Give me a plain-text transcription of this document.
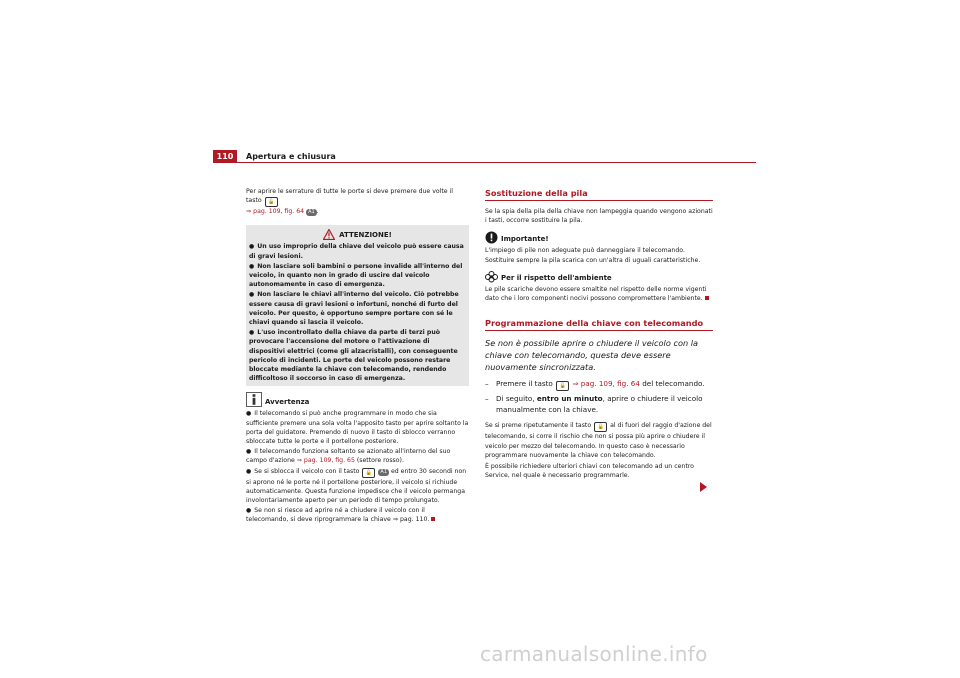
110	Apertura e chiusura

Per aprire le serrature di tutte le porte si deve premere due volte il tasto 🔓
⇒ pag. 109, fig. 64 A1 .

ATTENZIONE!

● Un uso improprio della chiave del veicolo può essere causa di gravi lesioni.

● Non lasciare soli bambini o persone invalide all'interno del veicolo, in quanto non in grado di uscire dal veicolo autonomamente in caso di emergenza.

● Non lasciare le chiavi all'interno del veicolo. Ciò potrebbe essere causa di gravi lesioni o infortuni, nonché di furto del veicolo. Per questo, è opportuno sempre portare con sé le chiavi quando si lascia il veicolo.

● L'uso incontrollato della chiave da parte di terzi può provocare l'accensione del motore o l'attivazione di dispositivi elettrici (come gli alzacristalli), con conseguente pericolo di incidenti. Le porte del veicolo possono restare bloccate mediante la chiave con telecomando, rendendo difficoltoso il soccorso in caso di emergenza.

Avvertenza

● Il telecomando si può anche programmare in modo che sia sufficiente premere una sola volta l'apposito tasto per aprire soltanto la porta del guidatore. Premendo di nuovo il tasto di sblocco verranno sbloccate tutte le porte e il portellone posteriore.

● Il telecomando funziona soltanto se azionato all'interno del suo campo d'azione ⇒ pag. 109, fig. 65 (settore rosso).

● Se si sblocca il veicolo con il tasto 🔓 A1 ed entro 30 secondi non si aprono né le porte né il portellone posteriore, il veicolo si richiude automaticamente. Questa funzione impedisce che il veicolo permanga involontariamente aperto per un periodo di tempo prolungato.

● Se non si riesce ad aprire né a chiudere il veicolo con il telecomando, si deve riprogrammare la chiave ⇒ pag. 110.

Sostituzione della pila

Se la spia della pila della chiave non lampeggia quando vengono azionati i tasti, occorre sostituire la pila.

Importante!

L'impiego di pile non adeguate può danneggiare il telecomando. Sostituire sempre la pila scarica con un'altra di uguali caratteristiche.

Per il rispetto dell'ambiente

Le pile scariche devono essere smaltite nel rispetto delle norme vigenti dato che i loro componenti nocivi possono compromettere l'ambiente.

Programmazione della chiave con telecomando

Se non è possibile aprire o chiudere il veicolo con la chiave con telecomando, questa deve essere nuovamente sincronizzata.

–	Premere il tasto 🔓 ⇒ pag. 109, fig. 64 del telecomando.
–	Di seguito, entro un minuto, aprire o chiudere il veicolo manualmente con la chiave.

Se si preme ripetutamente il tasto 🔓 al di fuori del raggio d'azione del telecomando, si corre il rischio che non si possa più aprire o chiudere il veicolo per mezzo del telecomando. In questo caso è necessario programmare nuovamente la chiave con telecomando.

È possibile richiedere ulteriori chiavi con telecomando ad un centro Service, nel quale è necessario programmarle.

carmanualsonline.info
